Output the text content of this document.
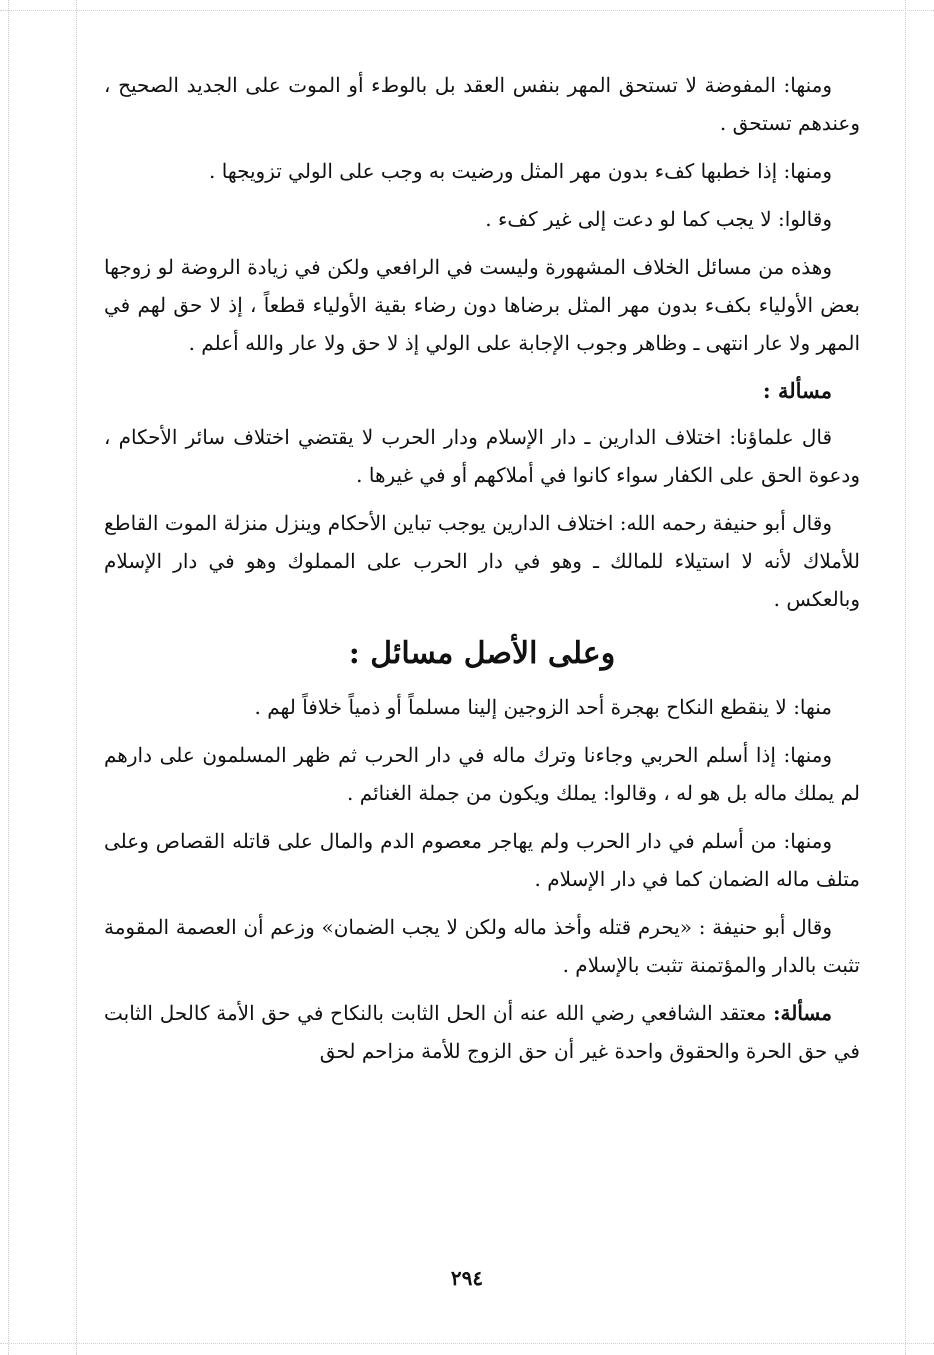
ومنها: المفوضة لا تستحق المهر بنفس العقد بل بالوطء أو الموت على الجديد الصحيح ، وعندهم تستحق .

ومنها: إذا خطبها كفء بدون مهر المثل ورضيت به وجب على الولي تزويجها .

وقالوا: لا يجب كما لو دعت إلى غير كفء .

وهذه من مسائل الخلاف المشهورة وليست في الرافعي ولكن في زيادة الروضة لو زوجها بعض الأولياء بكفء بدون مهر المثل برضاها دون رضاء بقية الأولياء قطعاً ، إذ لا حق لهم في المهر ولا عار انتهى ـ وظاهر وجوب الإجابة على الولي إذ لا حق ولا عار والله أعلم .

مسألة :

قال علماؤنا: اختلاف الدارين ـ دار الإسلام ودار الحرب لا يقتضي اختلاف سائر الأحكام ، ودعوة الحق على الكفار سواء كانوا في أملاكهم أو في غيرها .

وقال أبو حنيفة رحمه الله: اختلاف الدارين يوجب تباين الأحكام وينزل منزلة الموت القاطع للأملاك لأنه لا استيلاء للمالك ـ وهو في دار الحرب على المملوك وهو في دار الإسلام وبالعكس .

وعلى الأصل مسائل :

منها: لا ينقطع النكاح بهجرة أحد الزوجين إلينا مسلماً أو ذمياً خلافاً لهم .

ومنها: إذا أسلم الحربي وجاءنا وترك ماله في دار الحرب ثم ظهر المسلمون على دارهم لم يملك ماله بل هو له ، وقالوا: يملك ويكون من جملة الغنائم .

ومنها: من أسلم في دار الحرب ولم يهاجر معصوم الدم والمال على قاتله القصاص وعلى متلف ماله الضمان كما في دار الإسلام .

وقال أبو حنيفة : «يحرم قتله وأخذ ماله ولكن لا يجب الضمان» وزعم أن العصمة المقومة تثبت بالدار والمؤتمنة تثبت بالإسلام .

مسألة: معتقد الشافعي رضي الله عنه أن الحل الثابت بالنكاح في حق الأمة كالحل الثابت في حق الحرة والحقوق واحدة غير أن حق الزوج للأمة مزاحم لحق

٢٩٤
